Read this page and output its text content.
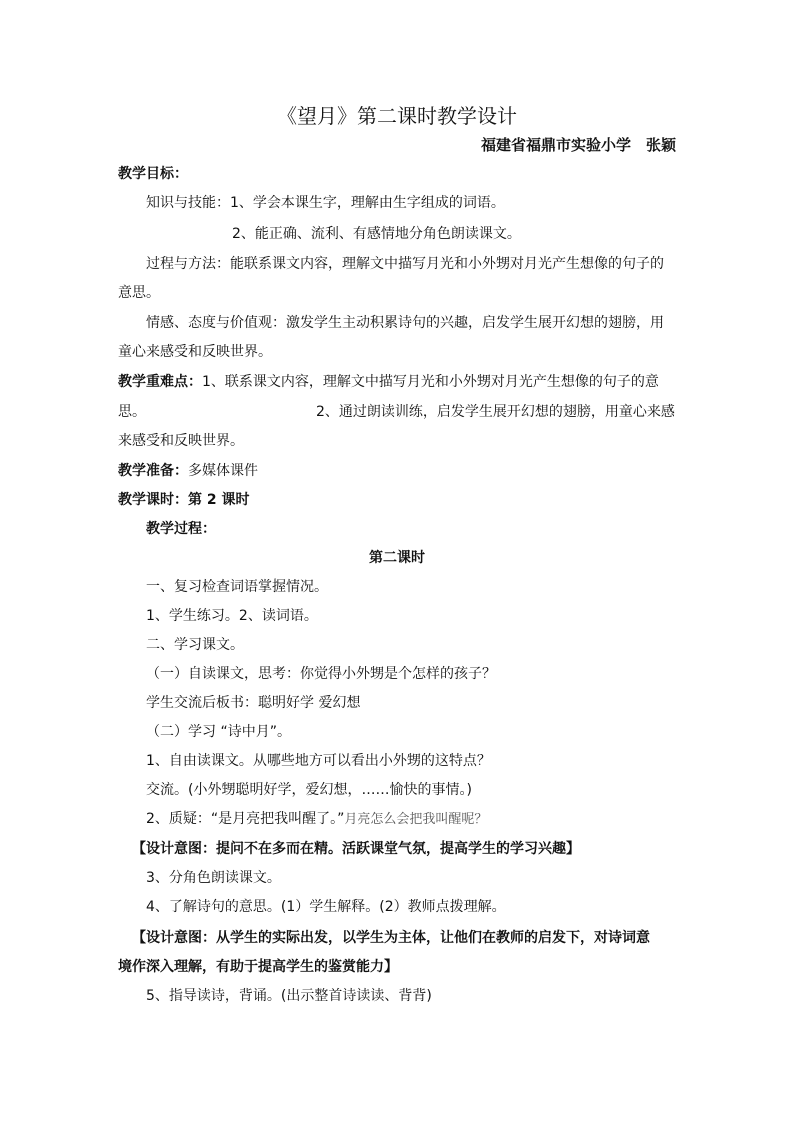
《望月》第二课时教学设计
福建省福鼎市实验小学　张颖
教学目标：
知识与技能：1、学会本课生字，理解由生字组成的词语。
2、能正确、流利、有感情地分角色朗读课文。
过程与方法：能联系课文内容，理解文中描写月光和小外甥对月光产生想像的句子的
意思。
情感、态度与价值观：激发学生主动积累诗句的兴趣，启发学生展开幻想的翅膀，用
童心来感受和反映世界。
教学重难点：1、联系课文内容，理解文中描写月光和小外甥对月光产生想像的句子的意
思。	2、通过朗读训练，启发学生展开幻想的翅膀，用童心来感
来感受和反映世界。
教学准备：多媒体课件
教学课时：第 2 课时
教学过程：
第二课时
一、复习检查词语掌握情况。
1、学生练习。2、读词语。
二、学习课文。
（一）自读课文，思考：你觉得小外甥是个怎样的孩子？
学生交流后板书：聪明好学 爱幻想
（二）学习 “诗中月”。
1、自由读课文。从哪些地方可以看出小外甥的这特点？
交流。(小外甥聪明好学，爱幻想，……愉快的事情。)
2、质疑：“是月亮把我叫醒了。”月亮怎么会把我叫醒呢？
【设计意图：提问不在多而在精。活跃课堂气氛，提高学生的学习兴趣】
3、分角色朗读课文。
4、了解诗句的意思。(1）学生解释。(2）教师点拨理解。
【设计意图：从学生的实际出发，以学生为主体，让他们在教师的启发下，对诗词意
境作深入理解，有助于提高学生的鉴赏能力】
5、指导读诗，背诵。(出示整首诗读读、背背)
